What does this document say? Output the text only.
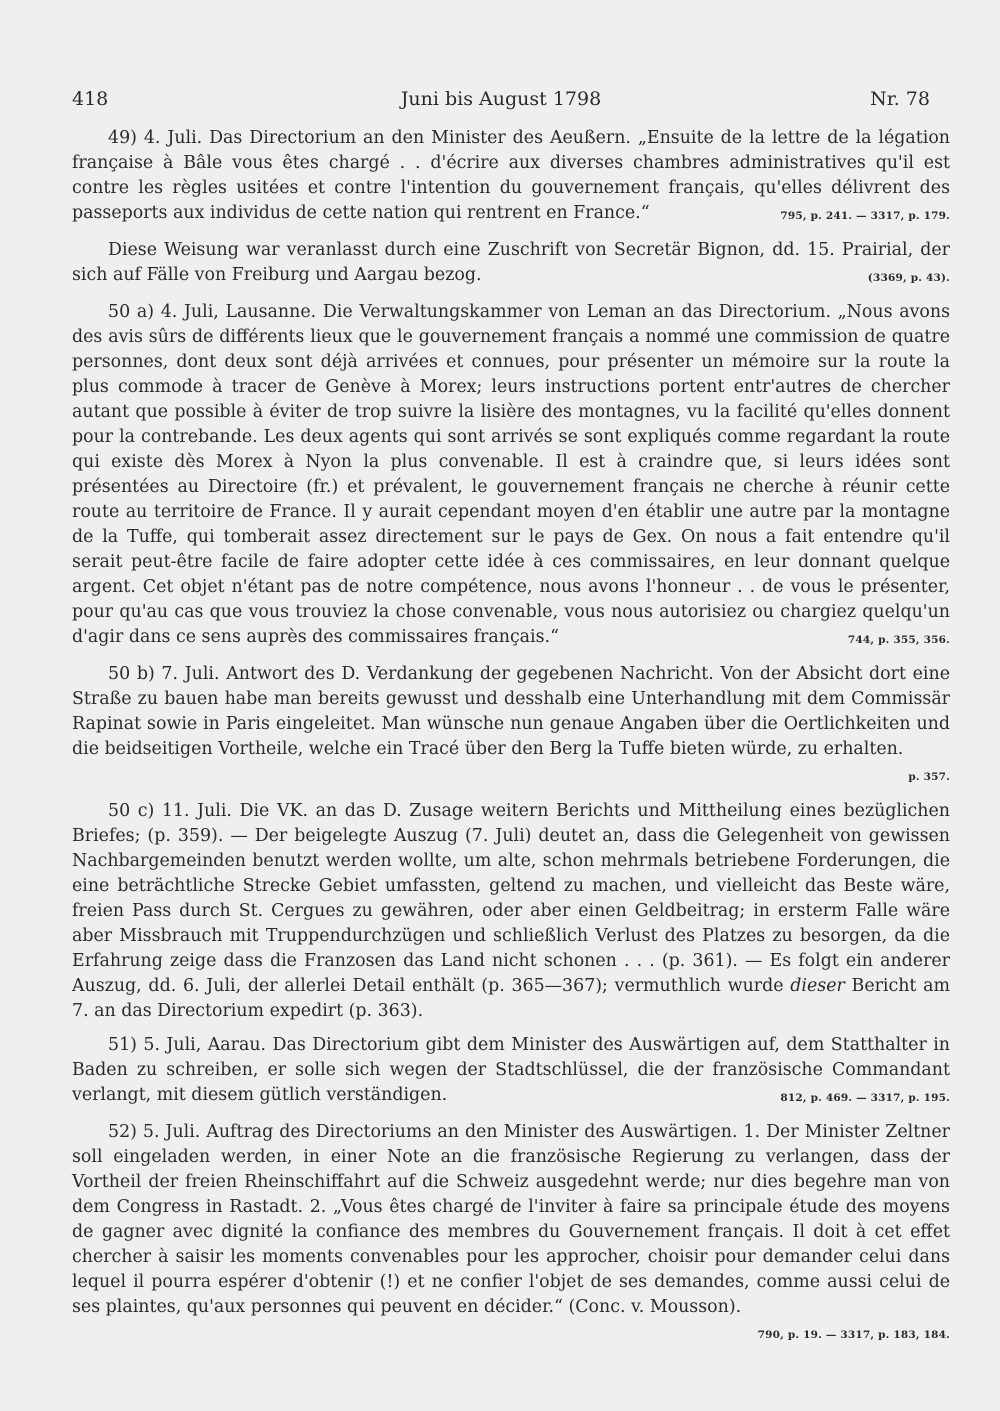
Juni bis August 1798
418	Nr. 78

49) 4. Juli. Das Directorium an den Minister des Aeußern. „Ensuite de la lettre de la légation française à Bâle vous êtes chargé . . d'écrire aux diverses chambres administratives qu'il est contre les règles usitées et contre l'intention du gouvernement français, qu'elles délivrent des passeports aux individus de cette nation qui rentrent en France.“	795, p. 241. — 3317, p. 179.

Diese Weisung war veranlasst durch eine Zuschrift von Secretär Bignon, dd. 15. Prairial, der sich auf Fälle von Freiburg und Aargau bezog.	(3369, p. 43).

50 a) 4. Juli, Lausanne. Die Verwaltungskammer von Leman an das Directorium. „Nous avons des avis sûrs de différents lieux que le gouvernement français a nommé une commission de quatre personnes, dont deux sont déjà arrivées et connues, pour présenter un mémoire sur la route la plus commode à tracer de Genève à Morex; leurs instructions portent entr'autres de chercher autant que possible à éviter de trop suivre la lisière des montagnes, vu la facilité qu'elles donnent pour la contrebande. Les deux agents qui sont arrivés se sont expliqués comme regardant la route qui existe dès Morex à Nyon la plus convenable. Il est à craindre que, si leurs idées sont présentées au Directoire (fr.) et prévalent, le gouvernement français ne cherche à réunir cette route au territoire de France. Il y aurait cependant moyen d'en établir une autre par la montagne de la Tuffe, qui tomberait assez directement sur le pays de Gex. On nous a fait entendre qu'il serait peut-être facile de faire adopter cette idée à ces commissaires, en leur donnant quelque argent. Cet objet n'étant pas de notre compétence, nous avons l'honneur . . de vous le présenter, pour qu'au cas que vous trouviez la chose convenable, vous nous autorisiez ou chargiez quelqu'un d'agir dans ce sens auprès des commissaires français.“	744, p. 355, 356.

50 b) 7. Juli. Antwort des D. Verdankung der gegebenen Nachricht. Von der Absicht dort eine Straße zu bauen habe man bereits gewusst und desshalb eine Unterhandlung mit dem Commissär Rapinat sowie in Paris eingeleitet. Man wünsche nun genaue Angaben über die Oertlichkeiten und die beidseitigen Vortheile, welche ein Tracé über den Berg la Tuffe bieten würde, zu erhalten.
p. 357.

50 c) 11. Juli. Die VK. an das D. Zusage weitern Berichts und Mittheilung eines bezüglichen Briefes; (p. 359). — Der beigelegte Auszug (7. Juli) deutet an, dass die Gelegenheit von gewissen Nachbargemeinden benutzt werden wollte, um alte, schon mehrmals betriebene Forderungen, die eine beträchtliche Strecke Gebiet umfassten, geltend zu machen, und vielleicht das Beste wäre, freien Pass durch St. Cergues zu gewähren, oder aber einen Geldbeitrag; in ersterm Falle wäre aber Missbrauch mit Truppendurchzügen und schließlich Verlust des Platzes zu besorgen, da die Erfahrung zeige dass die Franzosen das Land nicht schonen . . . (p. 361). — Es folgt ein anderer Auszug, dd. 6. Juli, der allerlei Detail enthält (p. 365—367); vermuthlich wurde dieser Bericht am 7. an das Directorium expedirt (p. 363).

51) 5. Juli, Aarau. Das Directorium gibt dem Minister des Auswärtigen auf, dem Statthalter in Baden zu schreiben, er solle sich wegen der Stadtschlüssel, die der französische Commandant verlangt, mit diesem gütlich verständigen.	812, p. 469. — 3317, p. 195.

52) 5. Juli. Auftrag des Directoriums an den Minister des Auswärtigen. 1. Der Minister Zeltner soll eingeladen werden, in einer Note an die französische Regierung zu verlangen, dass der Vortheil der freien Rheinschiffahrt auf die Schweiz ausgedehnt werde; nur dies begehre man von dem Congress in Rastadt. 2. „Vous êtes chargé de l'inviter à faire sa principale étude des moyens de gagner avec dignité la confiance des membres du Gouvernement français. Il doit à cet effet chercher à saisir les moments convenables pour les approcher, choisir pour demander celui dans lequel il pourra espérer d'obtenir (!) et ne confier l'objet de ses demandes, comme aussi celui de ses plaintes, qu'aux personnes qui peuvent en décider.“ (Conc. v. Mousson).
790, p. 19. — 3317, p. 183, 184.
